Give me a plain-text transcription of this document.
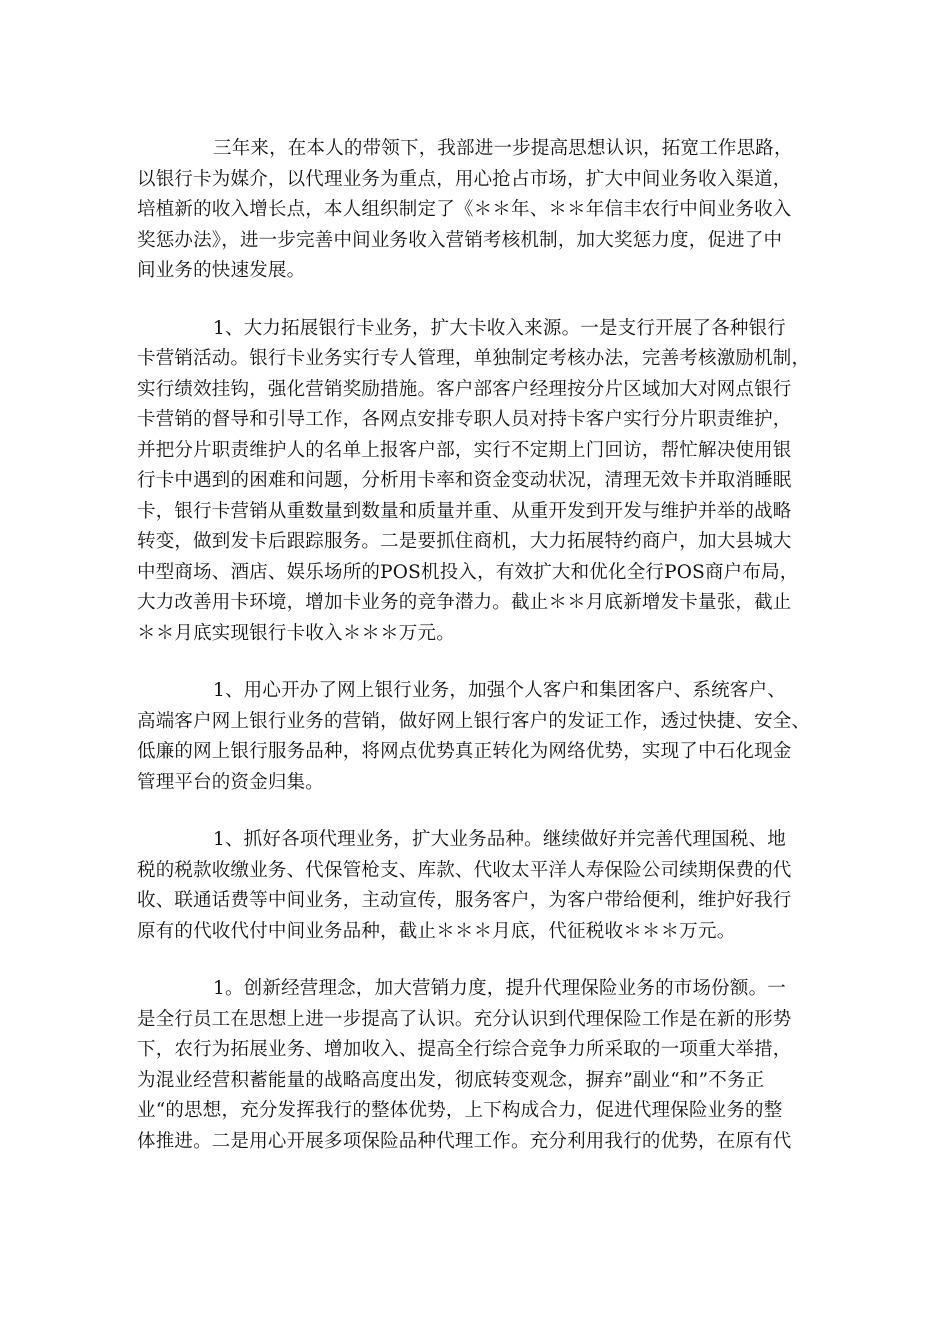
三年来，在本人的带领下，我部进一步提高思想认识，拓宽工作思路，
以银行卡为媒介，以代理业务为重点，用心抢占市场，扩大中间业务收入渠道，
培植新的收入增长点，本人组织制定了《＊＊年、＊＊年信丰农行中间业务收入
奖惩办法》，进一步完善中间业务收入营销考核机制，加大奖惩力度，促进了中
间业务的快速发展。
1、大力拓展银行卡业务，扩大卡收入来源。一是支行开展了各种银行
卡营销活动。银行卡业务实行专人管理，单独制定考核办法，完善考核激励机制，
实行绩效挂钩，强化营销奖励措施。客户部客户经理按分片区域加大对网点银行
卡营销的督导和引导工作，各网点安排专职人员对持卡客户实行分片职责维护，
并把分片职责维护人的名单上报客户部，实行不定期上门回访，帮忙解决使用银
行卡中遇到的困难和问题，分析用卡率和资金变动状况，清理无效卡并取消睡眠
卡，银行卡营销从重数量到数量和质量并重、从重开发到开发与维护并举的战略
转变，做到发卡后跟踪服务。二是要抓住商机，大力拓展特约商户，加大县城大
中型商场、酒店、娱乐场所的POS机投入，有效扩大和优化全行POS商户布局，
大力改善用卡环境，增加卡业务的竞争潜力。截止＊＊月底新增发卡量张，截止
＊＊月底实现银行卡收入＊＊＊万元。
1、用心开办了网上银行业务，加强个人客户和集团客户、系统客户、
高端客户网上银行业务的营销，做好网上银行客户的发证工作，透过快捷、安全、
低廉的网上银行服务品种，将网点优势真正转化为网络优势，实现了中石化现金
管理平台的资金归集。
1、抓好各项代理业务，扩大业务品种。继续做好并完善代理国税、地
税的税款收缴业务、代保管枪支、库款、代收太平洋人寿保险公司续期保费的代
收、联通话费等中间业务，主动宣传，服务客户，为客户带给便利，维护好我行
原有的代收代付中间业务品种，截止＊＊＊月底，代征税收＊＊＊万元。
1。创新经营理念，加大营销力度，提升代理保险业务的市场份额。一
是全行员工在思想上进一步提高了认识。充分认识到代理保险工作是在新的形势
下，农行为拓展业务、增加收入、提高全行综合竞争力所采取的一项重大举措，
为混业经营积蓄能量的战略高度出发，彻底转变观念，摒弃”副业“和”不务正
业“的思想，充分发挥我行的整体优势，上下构成合力，促进代理保险业务的整
体推进。二是用心开展多项保险品种代理工作。充分利用我行的优势，在原有代
